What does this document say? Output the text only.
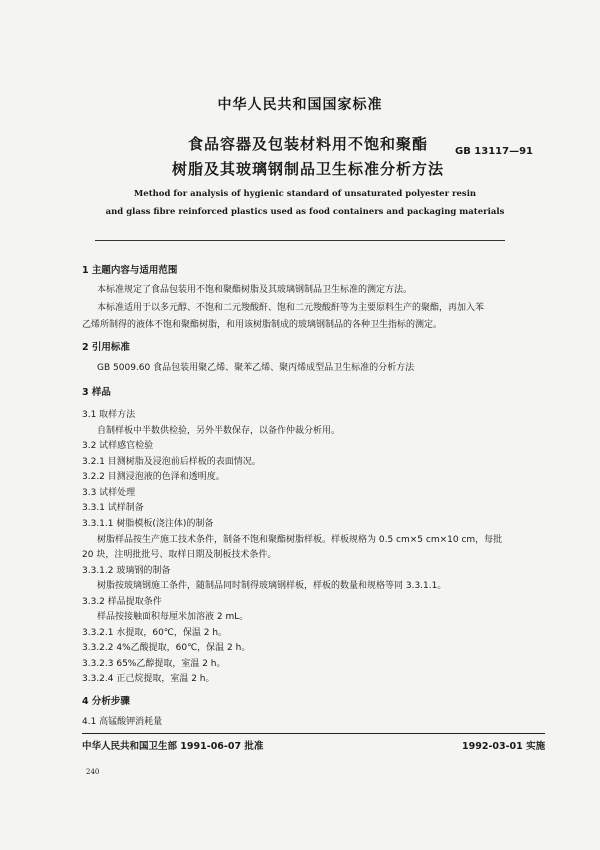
中华人民共和国国家标准
食品容器及包装材料用不饱和聚酯
树脂及其玻璃钢制品卫生标准分析方法
GB 13117—91
Method for analysis of hygienic standard of unsaturated polyester resin
and glass fibre reinforced plastics used as food containers and packaging materials
1 主题内容与适用范围
本标准规定了食品包装用不饱和聚酯树脂及其玻璃钢制品卫生标准的测定方法。
本标准适用于以多元醇、不饱和二元羧酸酐、饱和二元羧酸酐等为主要原料生产的聚酯，再加入苯
乙烯所制得的液体不饱和聚酯树脂，和用该树脂制成的玻璃钢制品的各种卫生指标的测定。
2 引用标准
GB 5009.60 食品包装用聚乙烯、聚苯乙烯、聚丙烯成型品卫生标准的分析方法
3 样品
3.1 取样方法
自制样板中半数供检验，另外半数保存，以备作仲裁分析用。
3.2 试样感官检验
3.2.1 目测树脂及浸泡前后样板的表面情况。
3.2.2 目测浸泡液的色泽和透明度。
3.3 试样处理
3.3.1 试样制备
3.3.1.1 树脂模板(浇注体)的制备
树脂样品按生产施工技术条件，制备不饱和聚酯树脂样板。样板规格为 0.5 cm×5 cm×10 cm，每批
20 块，注明批批号、取样日期及制板技术条件。
3.3.1.2 玻璃钢的制备
树脂按玻璃钢施工条件，随制品同时制得玻璃钢样板，样板的数量和规格等同 3.3.1.1。
3.3.2 样品提取条件
样品按接触面积每厘米加溶液 2 mL。
3.3.2.1 水提取，60℃，保温 2 h。
3.3.2.2 4%乙酸提取，60℃，保温 2 h。
3.3.2.3 65%乙醇提取，室温 2 h。
3.3.2.4 正己烷提取，室温 2 h。
4 分析步骤
4.1 高锰酸钾消耗量
中华人民共和国卫生部 1991-06-07 批准	1992-03-01 实施
240
